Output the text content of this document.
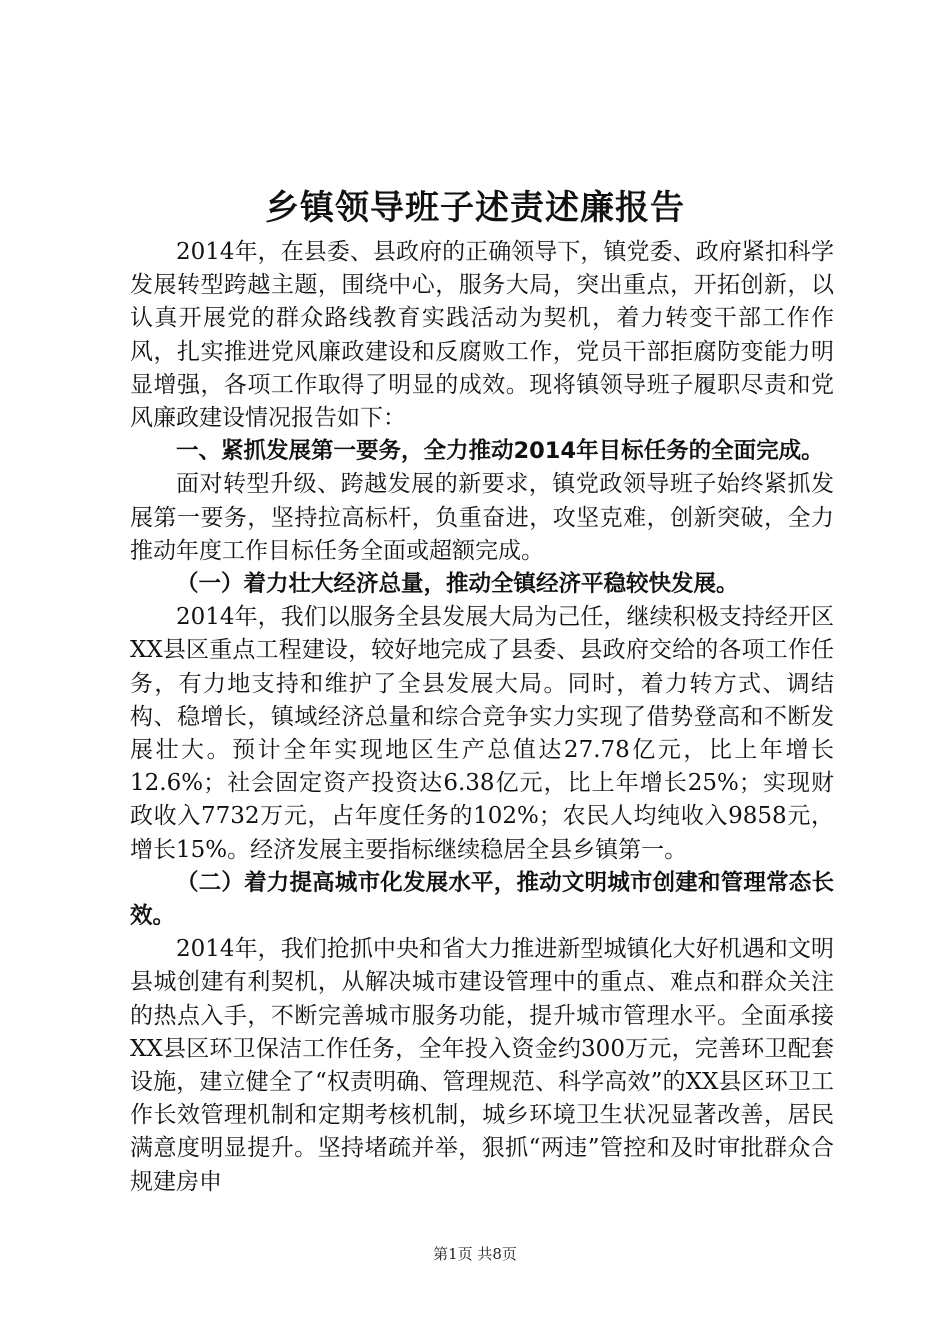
乡镇领导班子述责述廉报告

2014年，在县委、县政府的正确领导下，镇党委、政府紧扣科学发展转型跨越主题，围绕中心，服务大局，突出重点，开拓创新，以认真开展党的群众路线教育实践活动为契机，着力转变干部工作作风，扎实推进党风廉政建设和反腐败工作，党员干部拒腐防变能力明显增强，各项工作取得了明显的成效。现将镇领导班子履职尽责和党风廉政建设情况报告如下：

一、紧抓发展第一要务，全力推动2014年目标任务的全面完成。

面对转型升级、跨越发展的新要求，镇党政领导班子始终紧抓发展第一要务，坚持拉高标杆，负重奋进，攻坚克难，创新突破，全力推动年度工作目标任务全面或超额完成。

（一）着力壮大经济总量，推动全镇经济平稳较快发展。

2014年，我们以服务全县发展大局为己任，继续积极支持经开区XX县区重点工程建设，较好地完成了县委、县政府交给的各项工作任务，有力地支持和维护了全县发展大局。同时，着力转方式、调结构、稳增长，镇域经济总量和综合竞争实力实现了借势登高和不断发展壮大。预计全年实现地区生产总值达27.78亿元，比上年增长12.6%；社会固定资产投资达6.38亿元，比上年增长25%；实现财政收入7732万元，占年度任务的102%；农民人均纯收入9858元，增长15%。经济发展主要指标继续稳居全县乡镇第一。

（二）着力提高城市化发展水平，推动文明城市创建和管理常态长效。

2014年，我们抢抓中央和省大力推进新型城镇化大好机遇和文明县城创建有利契机，从解决城市建设管理中的重点、难点和群众关注的热点入手，不断完善城市服务功能，提升城市管理水平。全面承接XX县区环卫保洁工作任务，全年投入资金约300万元，完善环卫配套设施，建立健全了“权责明确、管理规范、科学高效”的XX县区环卫工作长效管理机制和定期考核机制，城乡环境卫生状况显著改善，居民满意度明显提升。坚持堵疏并举，狠抓“两违”管控和及时审批群众合规建房申

第1页 共8页
